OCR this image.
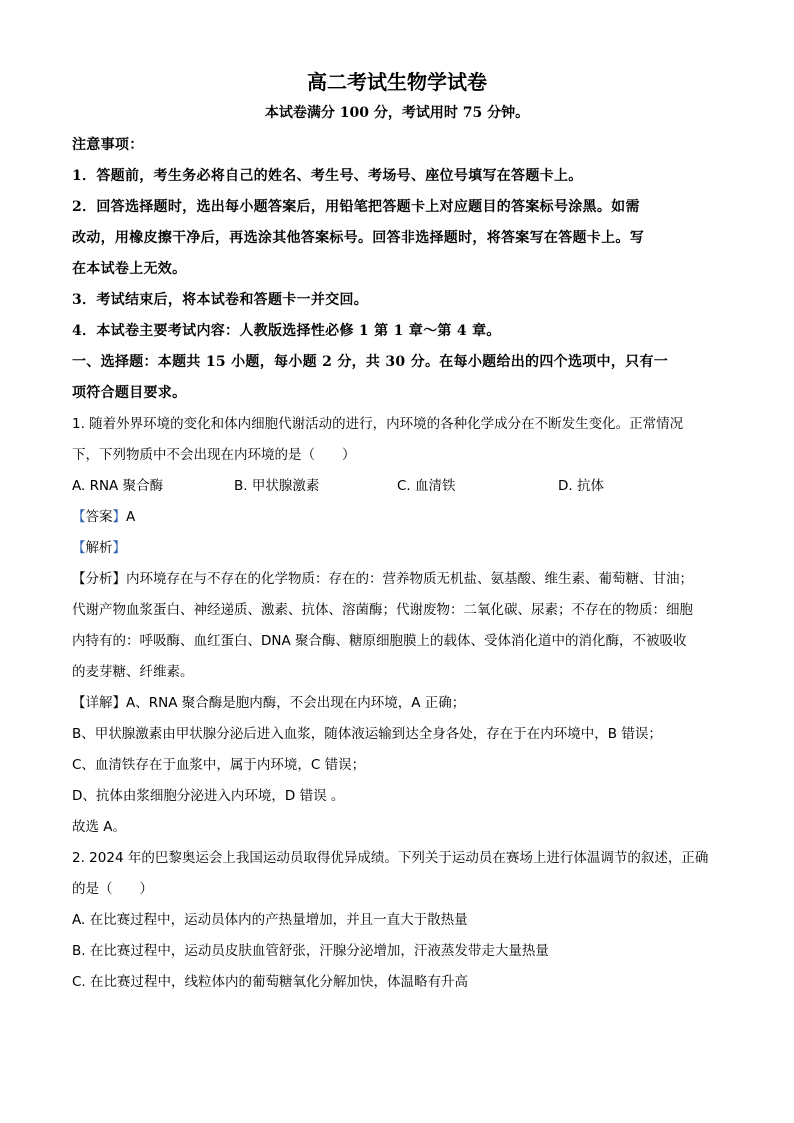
高二考试生物学试卷
本试卷满分 100 分，考试用时 75 分钟。

注意事项：

1．答题前，考生务必将自己的姓名、考生号、考场号、座位号填写在答题卡上。

2．回答选择题时，选出每小题答案后，用铅笔把答题卡上对应题目的答案标号涂黑。如需

改动，用橡皮擦干净后，再选涂其他答案标号。回答非选择题时，将答案写在答题卡上。写

在本试卷上无效。

3．考试结束后，将本试卷和答题卡一并交回。

4．本试卷主要考试内容：人教版选择性必修 1 第 1 章～第 4 章。

一、选择题：本题共 15 小题，每小题 2 分，共 30 分。在每小题给出的四个选项中，只有一

项符合题目要求。

1. 随着外界环境的变化和体内细胞代谢活动的进行，内环境的各种化学成分在不断发生变化。正常情况

下，下列物质中不会出现在内环境的是（　　）

A. RNA 聚合酶	B. 甲状腺激素	C. 血清铁	D. 抗体

【答案】A

【解析】

【分析】内环境存在与不存在的化学物质：存在的：营养物质无机盐、氨基酸、维生素、葡萄糖、甘油；

代谢产物血浆蛋白、神经递质、激素、抗体、溶菌酶；代谢废物：二氧化碳、尿素；不存在的物质：细胞

内特有的：呼吸酶、血红蛋白、DNA 聚合酶、糖原细胞膜上的载体、受体消化道中的消化酶，不被吸收

的麦芽糖、纤维素。

【详解】A、RNA 聚合酶是胞内酶，不会出现在内环境，A 正确；

B、甲状腺激素由甲状腺分泌后进入血浆，随体液运输到达全身各处，存在于在内环境中，B 错误；

C、血清铁存在于血浆中，属于内环境，C 错误；

D、抗体由浆细胞分泌进入内环境，D 错误 。

故选 A。

2. 2024 年的巴黎奥运会上我国运动员取得优异成绩。下列关于运动员在赛场上进行体温调节的叙述，正确

的是（　　）

A. 在比赛过程中，运动员体内的产热量增加，并且一直大于散热量

B. 在比赛过程中，运动员皮肤血管舒张，汗腺分泌增加，汗液蒸发带走大量热量

C. 在比赛过程中，线粒体内的葡萄糖氧化分解加快，体温略有升高
